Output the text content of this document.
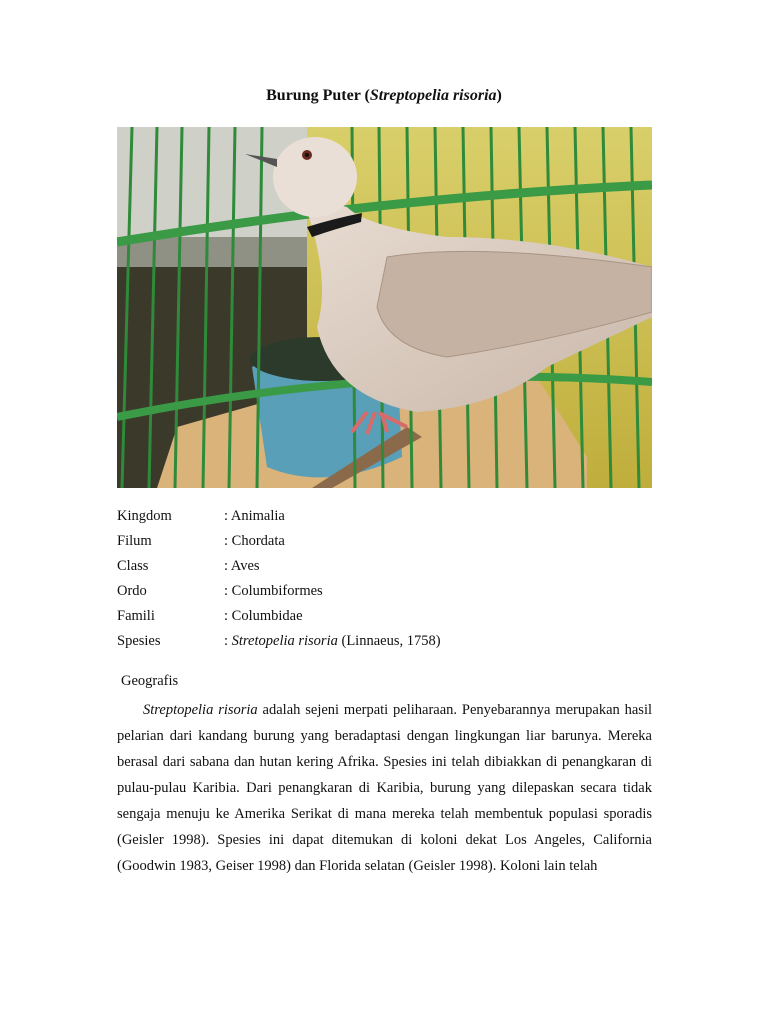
Burung Puter (Streptopelia risoria)
Kingdom	: Animalia
Filum	: Chordata
Class	: Aves
Ordo	: Columbiformes
Famili	: Columbidae
Spesies	: Stretopelia risoria (Linnaeus, 1758)
Geografis

Streptopelia risoria adalah sejeni merpati peliharaan. Penyebarannya merupakan hasil pelarian dari kandang burung yang beradaptasi dengan lingkungan liar barunya. Mereka berasal dari sabana dan hutan kering Afrika. Spesies ini telah dibiakkan di penangkaran di pulau-pulau Karibia. Dari penangkaran di Karibia, burung yang dilepaskan secara tidak sengaja menuju ke Amerika Serikat di mana mereka telah membentuk populasi sporadis (Geisler 1998). Spesies ini dapat ditemukan di koloni dekat Los Angeles, California (Goodwin 1983, Geiser 1998) dan Florida selatan (Geisler 1998). Koloni lain telah
